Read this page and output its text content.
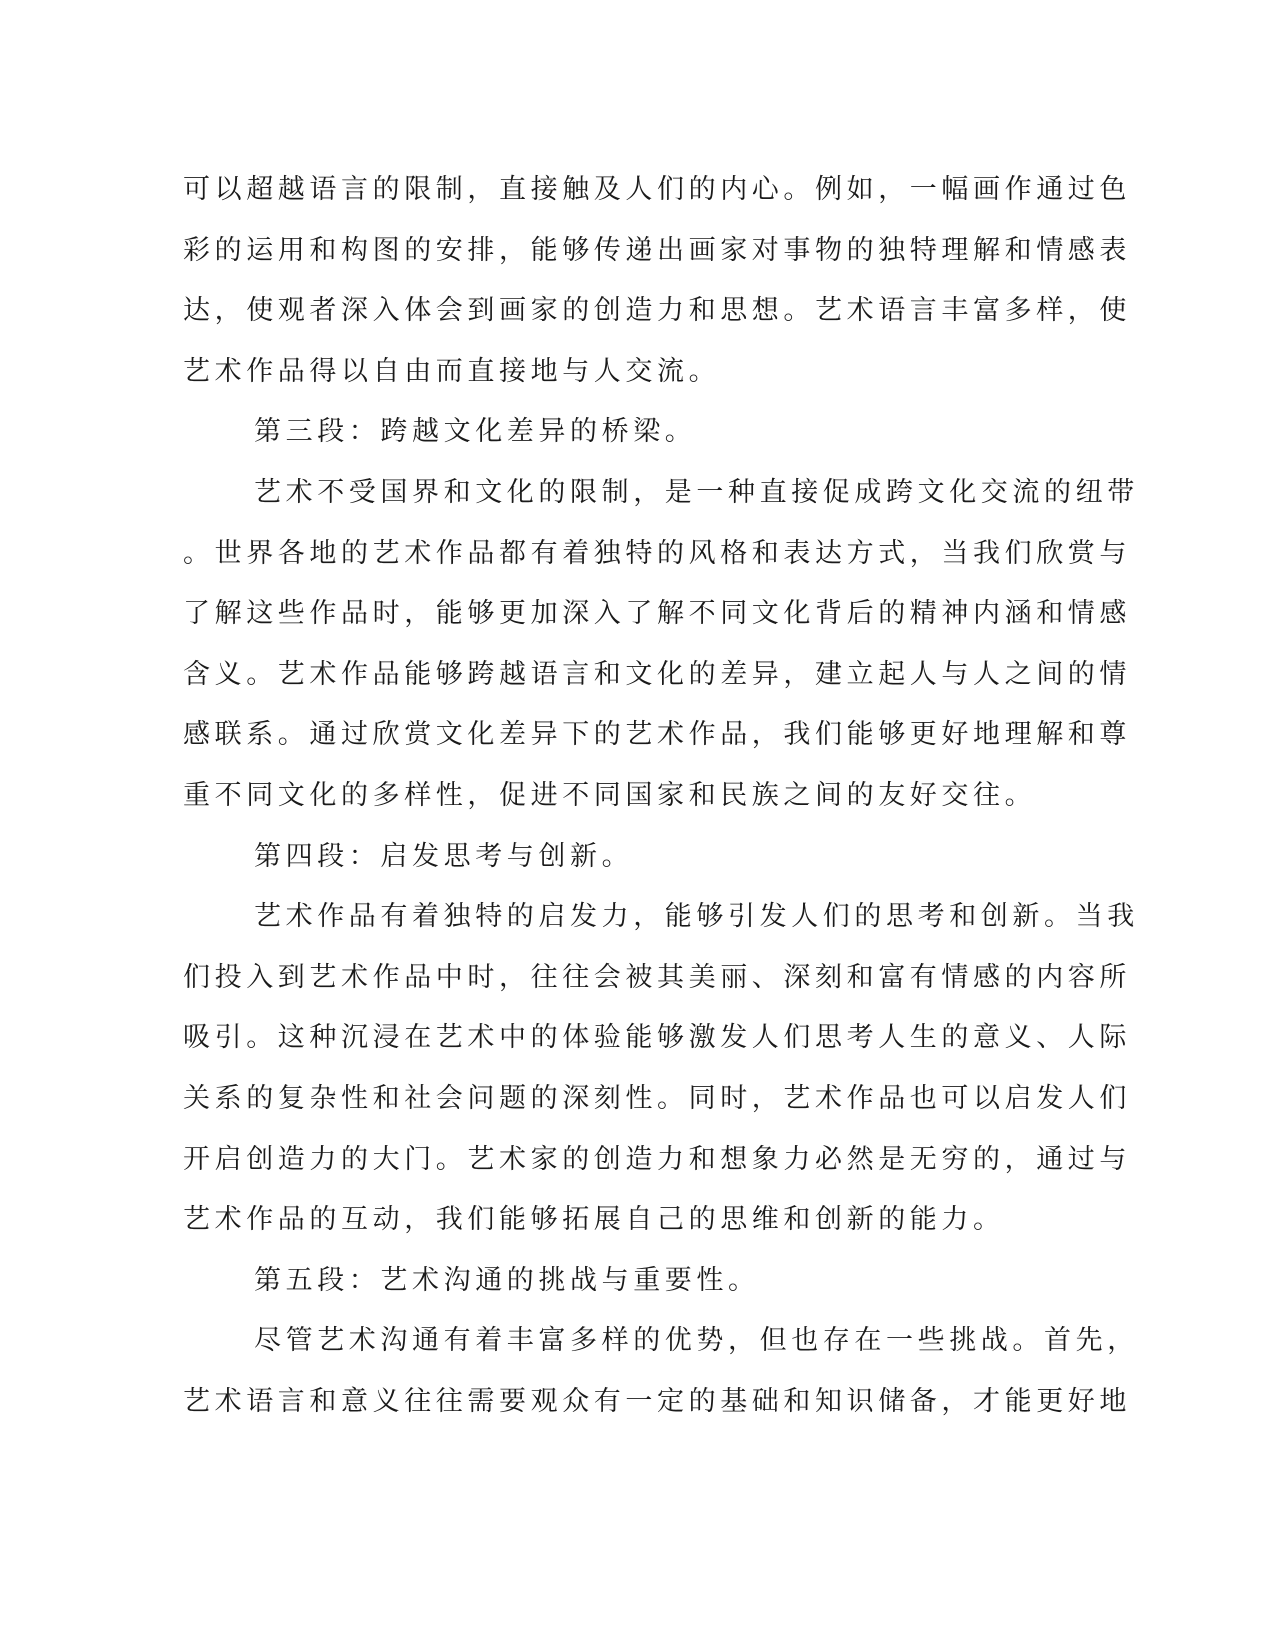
可以超越语言的限制，直接触及人们的内心。例如，一幅画作通过色
彩的运用和构图的安排，能够传递出画家对事物的独特理解和情感表
达，使观者深入体会到画家的创造力和思想。艺术语言丰富多样，使
艺术作品得以自由而直接地与人交流。
第三段：跨越文化差异的桥梁。
艺术不受国界和文化的限制，是一种直接促成跨文化交流的纽带
。世界各地的艺术作品都有着独特的风格和表达方式，当我们欣赏与
了解这些作品时，能够更加深入了解不同文化背后的精神内涵和情感
含义。艺术作品能够跨越语言和文化的差异，建立起人与人之间的情
感联系。通过欣赏文化差异下的艺术作品，我们能够更好地理解和尊
重不同文化的多样性，促进不同国家和民族之间的友好交往。
第四段：启发思考与创新。
艺术作品有着独特的启发力，能够引发人们的思考和创新。当我
们投入到艺术作品中时，往往会被其美丽、深刻和富有情感的内容所
吸引。这种沉浸在艺术中的体验能够激发人们思考人生的意义、人际
关系的复杂性和社会问题的深刻性。同时，艺术作品也可以启发人们
开启创造力的大门。艺术家的创造力和想象力必然是无穷的，通过与
艺术作品的互动，我们能够拓展自己的思维和创新的能力。
第五段：艺术沟通的挑战与重要性。
尽管艺术沟通有着丰富多样的优势，但也存在一些挑战。首先，
艺术语言和意义往往需要观众有一定的基础和知识储备，才能更好地
